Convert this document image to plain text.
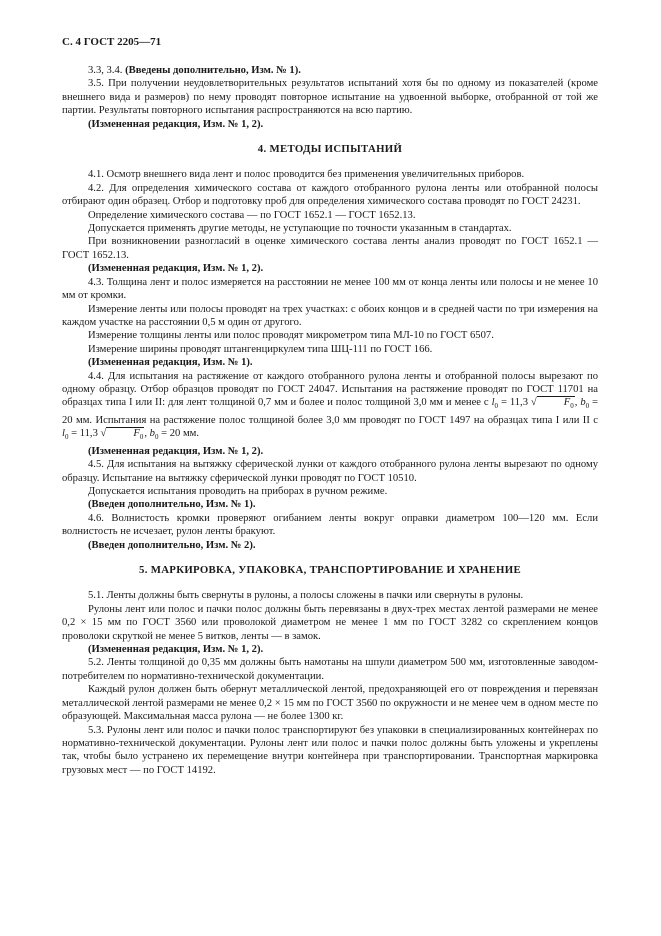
С. 4 ГОСТ 2205—71

3.3, 3.4. (Введены дополнительно, Изм. № 1).

3.5. При получении неудовлетворительных результатов испытаний хотя бы по одному из показателей (кроме внешнего вида и размеров) по нему проводят повторное испытание на удвоенной выборке, отобранной от той же партии. Результаты повторного испытания распространяются на всю партию.

(Измененная редакция, Изм. № 1, 2).

4. МЕТОДЫ ИСПЫТАНИЙ

4.1. Осмотр внешнего вида лент и полос проводится без применения увеличительных приборов.

4.2. Для определения химического состава от каждого отобранного рулона ленты или отобранной полосы отбирают один образец. Отбор и подготовку проб для определения химического состава проводят по ГОСТ 24231.

Определение химического состава — по ГОСТ 1652.1 — ГОСТ 1652.13.

Допускается применять другие методы, не уступающие по точности указанным в стандартах.

При возникновении разногласий в оценке химического состава ленты анализ проводят по ГОСТ 1652.1 — ГОСТ 1652.13.

(Измененная редакция, Изм. № 1, 2).

4.3. Толщина лент и полос измеряется на расстоянии не менее 100 мм от конца ленты или полосы и не менее 10 мм от кромки.

Измерение ленты или полосы проводят на трех участках: с обоих концов и в средней части по три измерения на каждом участке на расстоянии 0,5 м один от другого.

Измерение толщины ленты или полос проводят микрометром типа МЛ-10 по ГОСТ 6507.

Измерение ширины проводят штангенциркулем типа ШЦ-111 по ГОСТ 166.

(Измененная редакция, Изм. № 1).

4.4. Для испытания на растяжение от каждого отобранного рулона ленты и отобранной полосы вырезают по одному образцу. Отбор образцов проводят по ГОСТ 24047. Испытания на растяжение проводят по ГОСТ 11701 на образцах типа I или II: для лент толщиной 0,7 мм и более и полос толщиной 3,0 мм и менее с $l_0 = 11,3$ √	$F_0$, $b_0 = 20$ мм. Испытания на растяжение полос толщиной более 3,0 мм проводят по ГОСТ 1497 на образцах типа I или II с $l_0 = 11,3$ √	$F_0$, $b_0 = 20$ мм.

(Измененная редакция, Изм. № 1, 2).

4.5. Для испытания на вытяжку сферической лунки от каждого отобранного рулона ленты вырезают по одному образцу. Испытание на вытяжку сферической лунки проводят по ГОСТ 10510.

Допускается испытания проводить на приборах в ручном режиме.

(Введен дополнительно, Изм. № 1).

4.6. Волнистость кромки проверяют огибанием ленты вокруг оправки диаметром 100—120 мм. Если волнистость не исчезает, рулон ленты бракуют.

(Введен дополнительно, Изм. № 2).

5. МАРКИРОВКА, УПАКОВКА, ТРАНСПОРТИРОВАНИЕ И ХРАНЕНИЕ

5.1. Ленты должны быть свернуты в рулоны, а полосы сложены в пачки или свернуты в рулоны.

Рулоны лент или полос и пачки полос должны быть перевязаны в двух-трех местах лентой размерами не менее 0,2 × 15 мм по ГОСТ 3560 или проволокой диаметром не менее 1 мм по ГОСТ 3282 со скреплением концов проволоки скруткой не менее 5 витков, ленты — в замок.

(Измененная редакция, Изм. № 1, 2).

5.2. Ленты толщиной до 0,35 мм должны быть намотаны на шпули диаметром 500 мм, изготовленные заводом-потребителем по нормативно-технической документации.

Каждый рулон должен быть обернут металлической лентой, предохраняющей его от повреждения и перевязан металлической лентой размерами не менее 0,2 × 15 мм по ГОСТ 3560 по окружности и не менее чем в одном месте по образующей. Максимальная масса рулона — не более 1300 кг.

5.3. Рулоны лент или полос и пачки полос транспортируют без упаковки в специализированных контейнерах по нормативно-технической документации. Рулоны лент или полос и пачки полос должны быть уложены и укреплены так, чтобы было устранено их перемещение внутри контейнера при транспортировании. Транспортная маркировка грузовых мест — по ГОСТ 14192.
